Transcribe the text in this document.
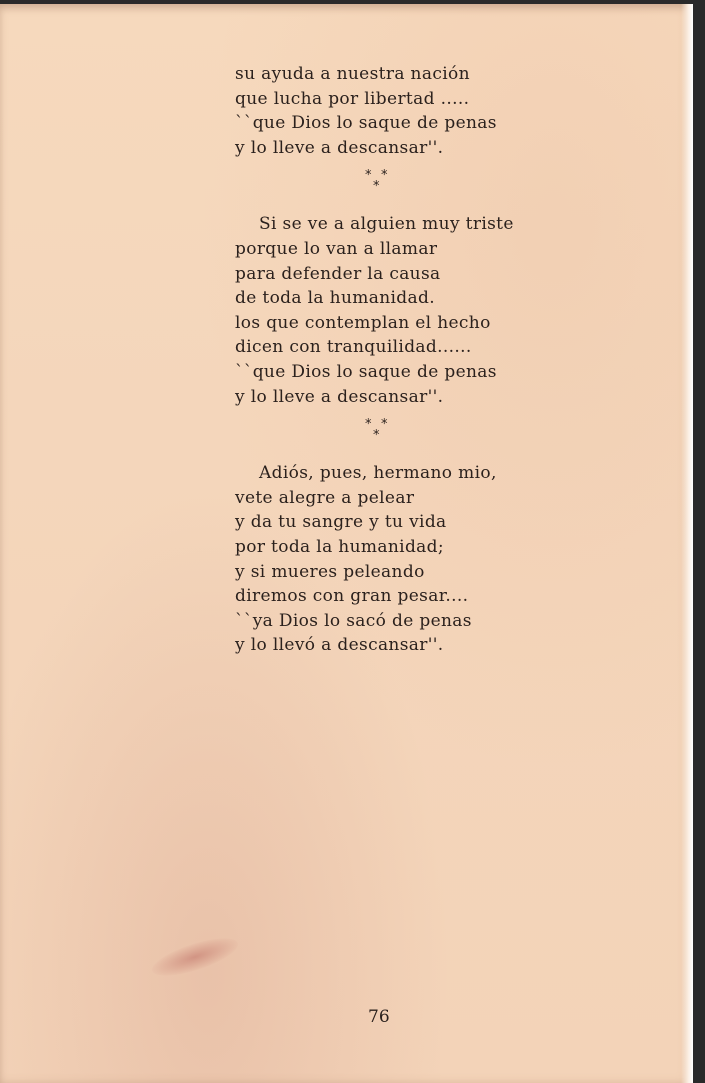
su ayuda a nuestra nación
que lucha por libertad .....
``que Dios lo saque de penas
y lo lleve a descansar''.
* *
*
Si se ve a alguien muy triste
porque lo van a llamar
para defender la causa
de toda la humanidad.
los que contemplan el hecho
dicen con tranquilidad......
``que Dios lo saque de penas
y lo lleve a descansar''.
* *
*
Adiós, pues, hermano mio,
vete alegre a pelear
y da tu sangre y tu vida
por toda la humanidad;
y si mueres peleando
diremos con gran pesar....
``ya Dios lo sacó de penas
y lo llevó a descansar''.
76
